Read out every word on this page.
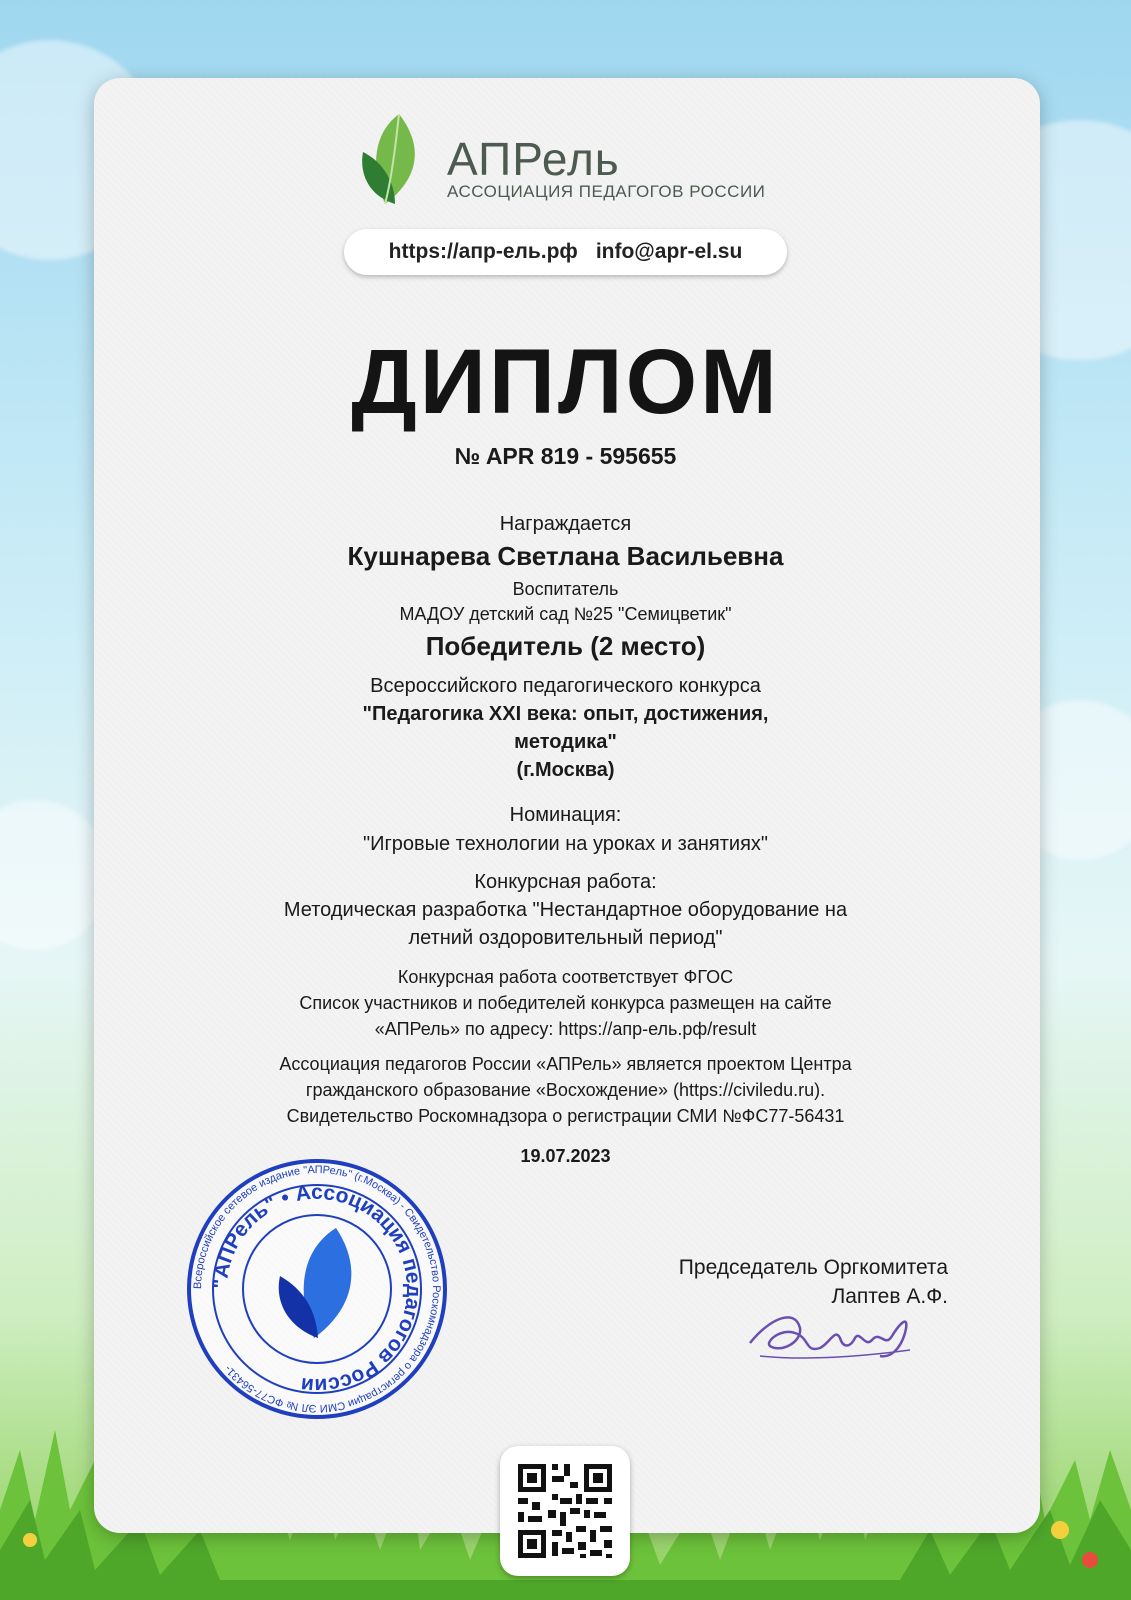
АПРель
АССОЦИАЦИЯ ПЕДАГОГОВ РОССИИ
https://апр-ель.рф info@apr-el.su
ДИПЛОМ
№ APR 819 - 595655
Награждается
Кушнарева Светлана Васильевна
Воспитатель
МАДОУ детский сад №25 "Семицветик"
Победитель (2 место)
Всероссийского педагогического конкурса
"Педагогика XXI века: опыт, достижения,
методика"
(г.Москва)
Номинация:
"Игровые технологии на уроках и занятиях"
Конкурсная работа:
Методическая разработка "Нестандартное оборудование на
летний оздоровительный период"
Конкурсная работа соответствует ФГОС
Список участников и победителей конкурса размещен на сайте
«АПРель» по адресу: https://апр-ель.рф/result
Ассоциация педагогов России «АПРель» является проектом Центра
гражданского образование «Восхождение» (https://civiledu.ru).
Свидетельство Роскомнадзора о регистрации СМИ №ФС77-56431
19.07.2023
Всероссийское сетевое издание "АПРель" (г.Москва) - Свидетельство Роскомнадзора о регистрации СМИ ЭЛ № ФС77-56431-
"АПРель" • Ассоциация педагогов России
Председатель Оргкомитета
Лаптев А.Ф.
